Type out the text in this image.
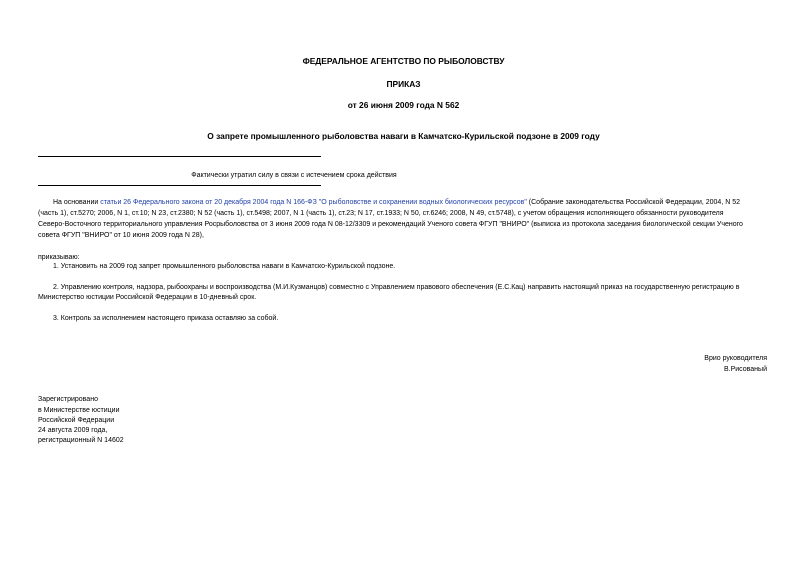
ФЕДЕРАЛЬНОЕ АГЕНТСТВО ПО РЫБОЛОВСТВУ
ПРИКАЗ
от 26 июня 2009 года N 562
О запрете промышленного рыболовства наваги в Камчатско-Курильской подзоне в 2009 году
Фактически утратил силу в связи с истечением срока действия
На основании статьи 26 Федерального закона от 20 декабря 2004 года N 166-ФЗ "О рыболовстве и сохранении водных биологических ресурсов" (Собрание законодательства Российской Федерации, 2004, N 52
(часть 1), ст.5270; 2006, N 1, ст.10; N 23, ст.2380; N 52 (часть 1), ст.5498; 2007, N 1 (часть 1), ст.23; N 17, ст.1933; N 50, ст.6246; 2008, N 49, ст.5748), с учетом обращения исполняющего обязанности руководителя
Северо-Восточного территориального управления Росрыболовства от 3 июня 2009 года N 08-12/3309 и рекомендаций Ученого совета ФГУП "ВНИРО" (выписка из протокола заседания биологической секции Ученого
совета ФГУП "ВНИРО" от 10 июня 2009 года N 28),
приказываю:
1. Установить на 2009 год запрет промышленного рыболовства наваги в Камчатско-Курильской подзоне.
2. Управлению контроля, надзора, рыбоохраны и воспроизводства (М.И.Кузманцов) совместно с Управлением правового обеспечения (Е.С.Кац) направить настоящий приказ на государственную регистрацию в
Министерство юстиции Российской Федерации в 10-дневный срок.
3. Контроль за исполнением настоящего приказа оставляю за собой.
Врио руководителя
В.Рисованый
Зарегистрировано
в Министерстве юстиции
Российской Федерации
24 августа 2009 года,
регистрационный N 14602
